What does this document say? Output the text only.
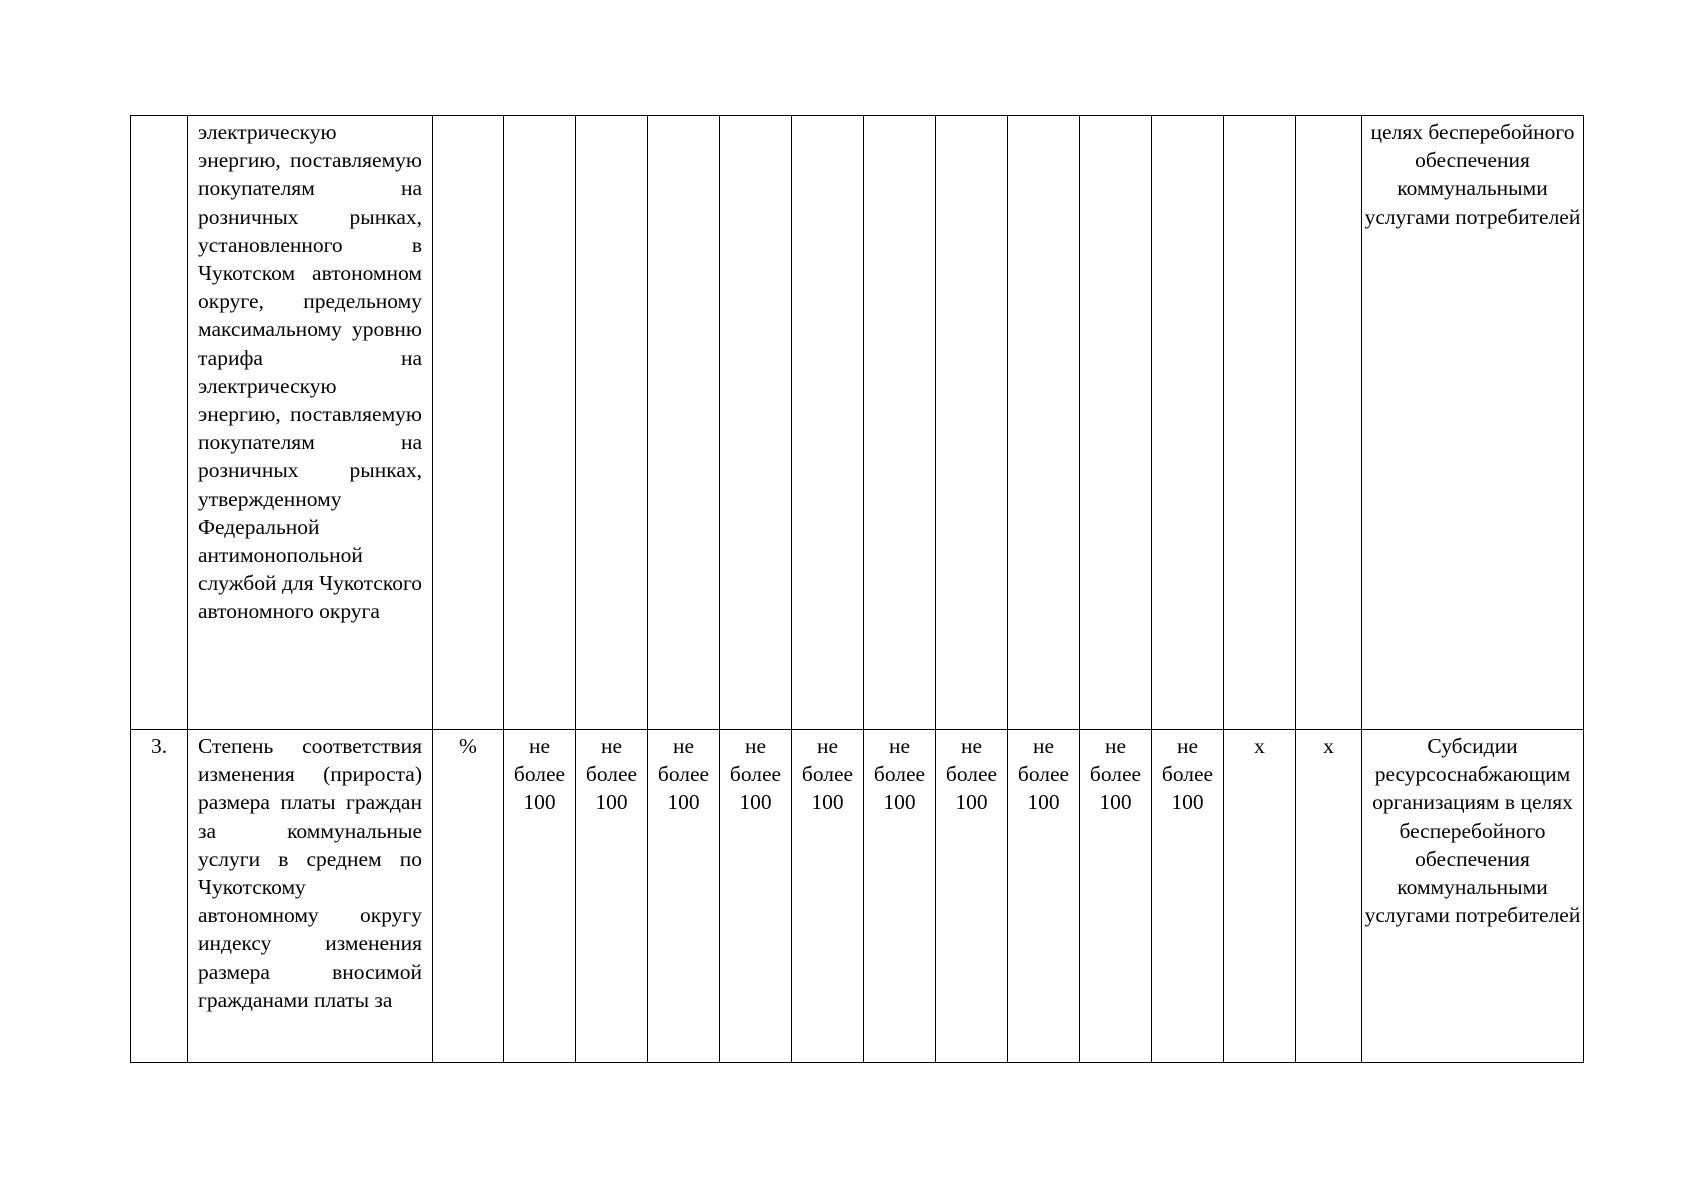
	электрическую энергию, поставляемую покупателям на розничных рынках, установленного в Чукотском автономном округе, предельному максимальному уровню тарифа на электрическую энергию, поставляемую покупателям на розничных рынках, утвержденному Федеральной антимонопольной службой для Чукотского автономного округа														целях бесперебойного обеспечения коммунальными услугами потребителей
3.	Степень соответствия изменения (прироста) размера платы граждан за коммунальные услуги в среднем по Чукотскому автономному округу индексу изменения размера вносимой гражданами платы за	%	не более 100	не более 100	не более 100	не более 100	не более 100	не более 100	не более 100	не более 100	не более 100	не более 100	х	х	Субсидии ресурсоснабжающим организациям в целях бесперебойного обеспечения коммунальными услугами потребителей
